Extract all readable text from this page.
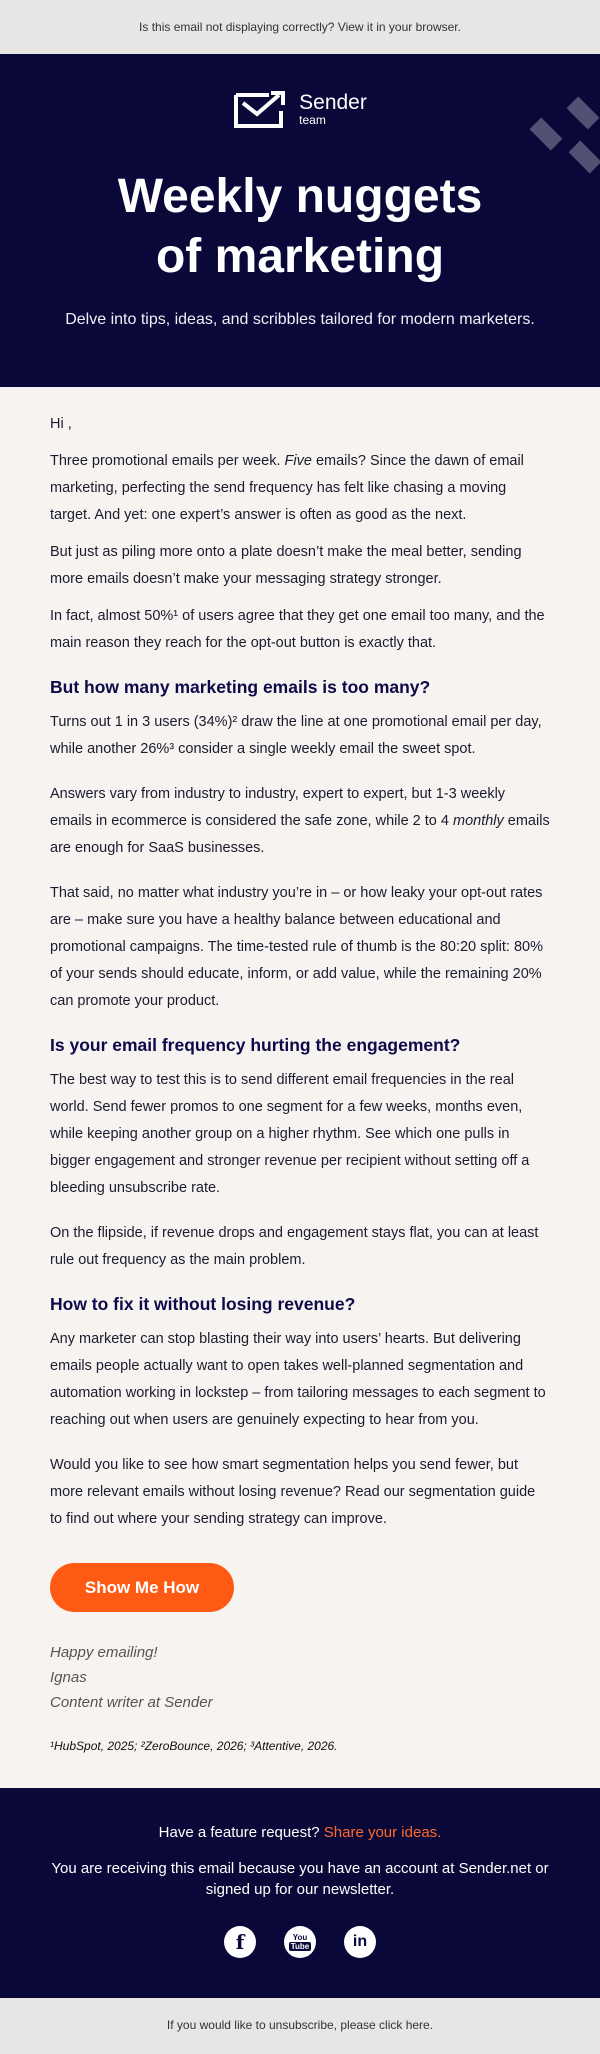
Is this email not displaying correctly? View it in your browser.
Sender
team
Weekly nuggets
of marketing
Delve into tips, ideas, and scribbles tailored for modern marketers.

Hi ,

Three promotional emails per week. Five emails? Since the dawn of email marketing, perfecting the send frequency has felt like chasing a moving target. And yet: one expert’s answer is often as good as the next.

But just as piling more onto a plate doesn’t make the meal better, sending more emails doesn’t make your messaging strategy stronger.

In fact, almost 50%¹ of users agree that they get one email too many, and the main reason they reach for the opt-out button is exactly that.

But how many marketing emails is too many?

Turns out 1 in 3 users (34%)² draw the line at one promotional email per day, while another 26%³ consider a single weekly email the sweet spot.

Answers vary from industry to industry, expert to expert, but 1-3 weekly emails in ecommerce is considered the safe zone, while 2 to 4 monthly emails are enough for SaaS businesses.

That said, no matter what industry you’re in – or how leaky your opt-out rates are – make sure you have a healthy balance between educational and promotional campaigns. The time-tested rule of thumb is the 80:20 split: 80% of your sends should educate, inform, or add value, while the remaining 20% can promote your product.

Is your email frequency hurting the engagement?

The best way to test this is to send different email frequencies in the real world. Send fewer promos to one segment for a few weeks, months even, while keeping another group on a higher rhythm. See which one pulls in bigger engagement and stronger revenue per recipient without setting off a bleeding unsubscribe rate.

On the flipside, if revenue drops and engagement stays flat, you can at least rule out frequency as the main problem.

How to fix it without losing revenue?

Any marketer can stop blasting their way into users’ hearts. But delivering emails people actually want to open takes well-planned segmentation and automation working in lockstep – from tailoring messages to each segment to reaching out when users are genuinely expecting to hear from you.

Would you like to see how smart segmentation helps you send fewer, but more relevant emails without losing revenue? Read our segmentation guide to find out where your sending strategy can improve.

Show Me How
Happy emailing!
Ignas
Content writer at Sender
¹HubSpot, 2025; ²ZeroBounce, 2026; ³Attentive, 2026.
Have a feature request? Share your ideas.
You are receiving this email because you have an account at Sender.net or signed up for our newsletter.
f	You
Tube	in
If you would like to unsubscribe, please click here.
